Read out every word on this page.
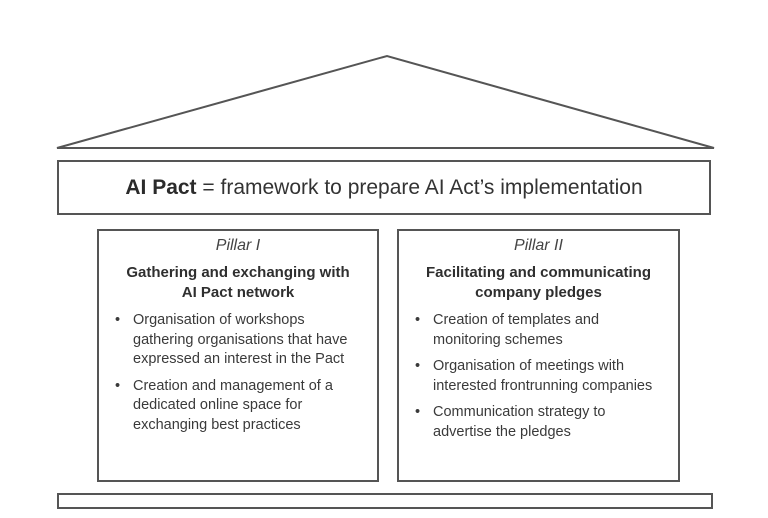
AI Pact = framework to prepare AI Act’s implementation
Pillar I
Gathering and exchanging with
AI Pact network
• Organisation of workshops gathering organisations that have expressed an interest in the Pact
• Creation and management of a dedicated online space for exchanging best practices
Pillar II
Facilitating and communicating
company pledges
• Creation of templates and monitoring schemes
• Organisation of meetings with interested frontrunning companies
• Communication strategy to advertise the pledges
